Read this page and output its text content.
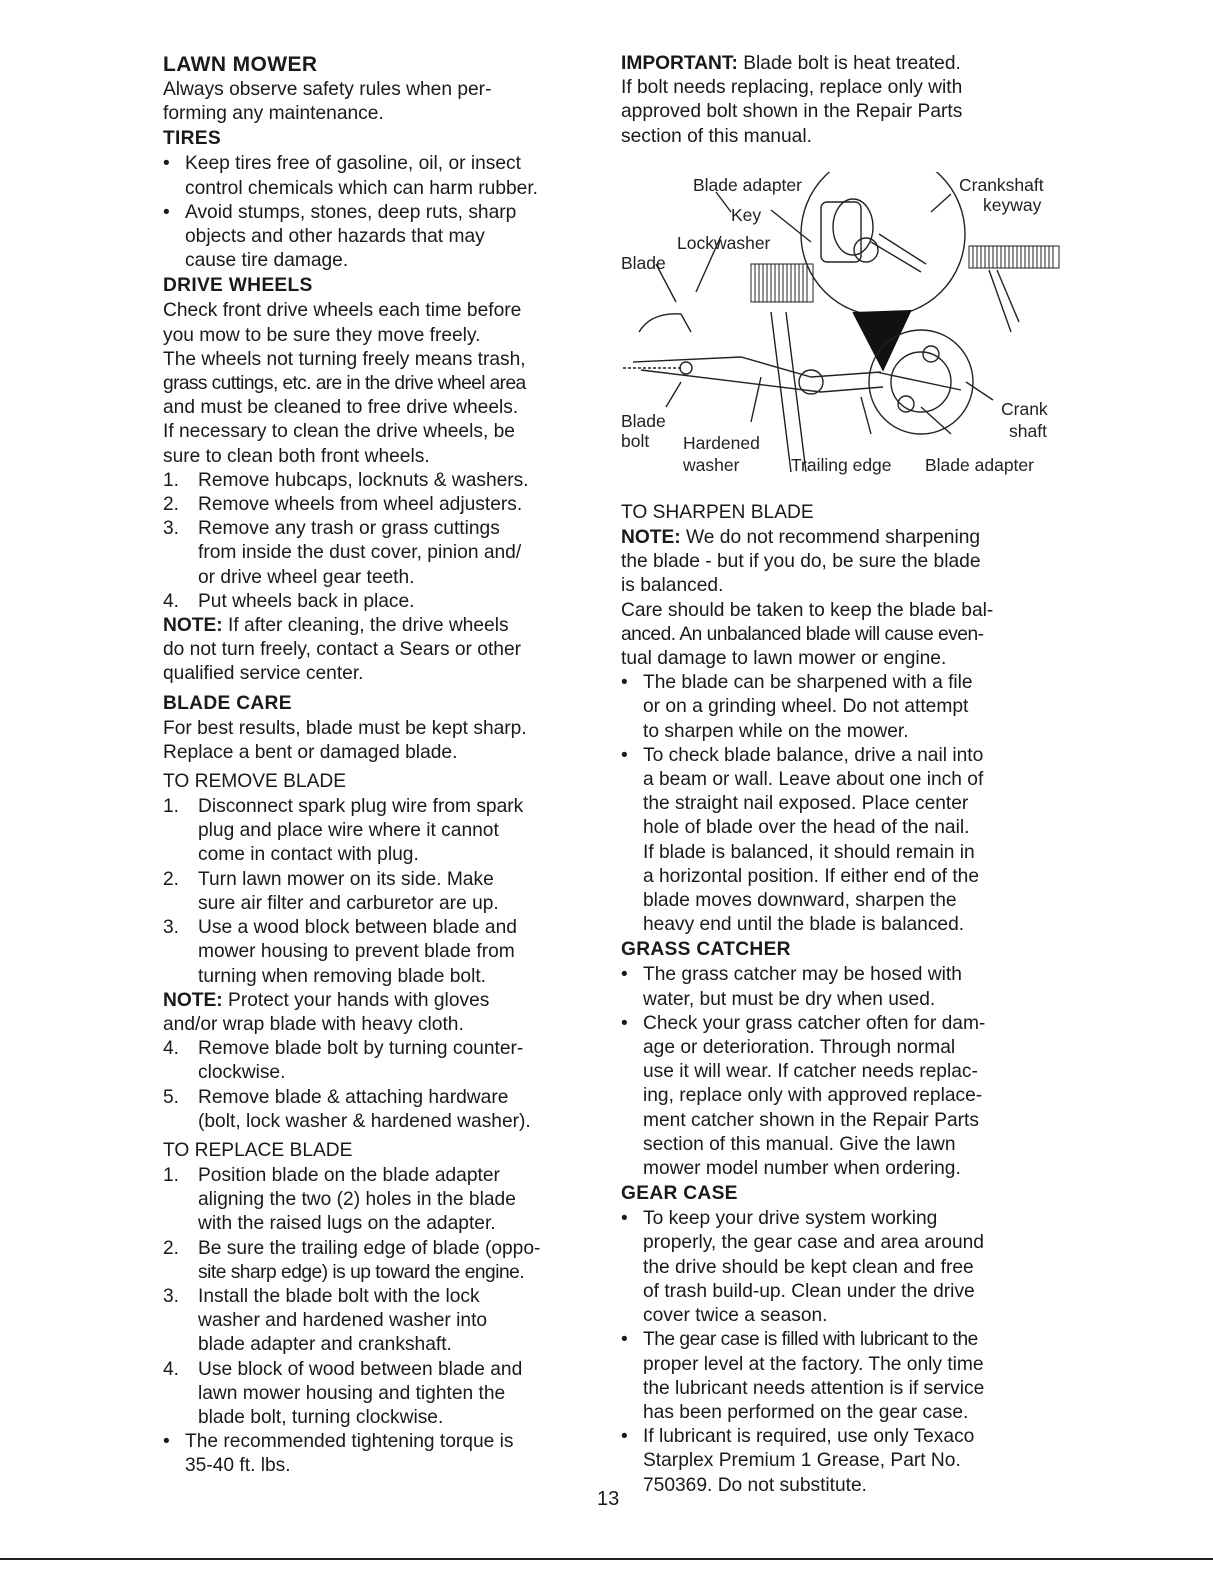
LAWN MOWER

Always observe safety rules when per-

forming any maintenance.

TIRES

• Keep tires free of gasoline, oil, or insect
control chemicals which can harm rubber.
• Avoid stumps, stones, deep ruts, sharp
objects and other hazards that may
cause tire damage.

DRIVE WHEELS

Check front drive wheels each time before

you mow to be sure they move freely.

The wheels not turning freely means trash,

grass cuttings, etc. are in the drive wheel area

and must be cleaned to free drive wheels.

If necessary to clean the drive wheels, be

sure to clean both front wheels.

1. Remove hubcaps, locknuts & washers.
2. Remove wheels from wheel adjusters.
3. Remove any trash or grass cuttings
from inside the dust cover, pinion and/
or drive wheel gear teeth.
4. Put wheels back in place.

NOTE: If after cleaning, the drive wheels

do not turn freely, contact a Sears or other

qualified service center.

BLADE CARE

For best results, blade must be kept sharp.

Replace a bent or damaged blade.

TO REMOVE BLADE

1. Disconnect spark plug wire from spark
plug and place wire where it cannot
come in contact with plug.
2. Turn lawn mower on its side. Make
sure air filter and carburetor are up.
3. Use a wood block between blade and
mower housing to prevent blade from
turning when removing blade bolt.

NOTE: Protect your hands with gloves

and/or wrap blade with heavy cloth.

4. Remove blade bolt by turning counter-
clockwise.
5. Remove blade & attaching hardware
(bolt, lock washer & hardened washer).

TO REPLACE BLADE

1. Position blade on the blade adapter
aligning the two (2) holes in the blade
with the raised lugs on the adapter.
2. Be sure the trailing edge of blade (oppo-
site sharp edge) is up toward the engine.
3. Install the blade bolt with the lock
washer and hardened washer into
blade adapter and crankshaft.
4. Use block of wood between blade and
lawn mower housing and tighten the
blade bolt, turning clockwise.
• The recommended tightening torque is
35-40 ft. lbs.

IMPORTANT: Blade bolt is heat treated.

If bolt needs replacing, replace only with

approved bolt shown in the Repair Parts

section of this manual.

Blade adapter	Crankshaft
keyway
Key
Lockwasher
Blade
Blade
bolt Hardened
washer	Trailing edge Blade adapter
Crank
shaft

TO SHARPEN BLADE

NOTE: We do not recommend sharpening

the blade - but if you do, be sure the blade

is balanced.

Care should be taken to keep the blade bal-

anced. An unbalanced blade will cause even-

tual damage to lawn mower or engine.

• The blade can be sharpened with a file
or on a grinding wheel. Do not attempt
to sharpen while on the mower.
• To check blade balance, drive a nail into
a beam or wall. Leave about one inch of
the straight nail exposed. Place center
hole of blade over the head of the nail.
If blade is balanced, it should remain in
a horizontal position. If either end of the
blade moves downward, sharpen the
heavy end until the blade is balanced.

GRASS CATCHER

• The grass catcher may be hosed with
water, but must be dry when used.
• Check your grass catcher often for dam-
age or deterioration. Through normal
use it will wear. If catcher needs replac-
ing, replace only with approved replace-
ment catcher shown in the Repair Parts
section of this manual. Give the lawn
mower model number when ordering.

GEAR CASE

• To keep your drive system working
properly, the gear case and area around
the drive should be kept clean and free
of trash build-up. Clean under the drive
cover twice a season.
• The gear case is filled with lubricant to the
proper level at the factory. The only time
the lubricant needs attention is if service
has been performed on the gear case.
• If lubricant is required, use only Texaco
Starplex Premium 1 Grease, Part No.
750369. Do not substitute.
13
